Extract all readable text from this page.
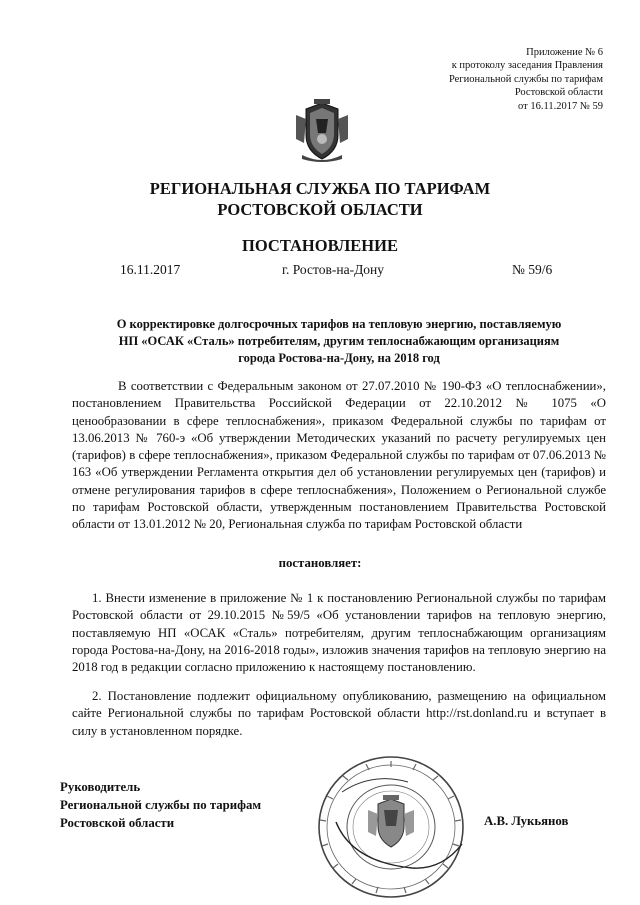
Приложение № 6
к протоколу заседания Правления
Региональной службы по тарифам
Ростовской области
от 16.11.2017 № 59
РЕГИОНАЛЬНАЯ СЛУЖБА ПО ТАРИФАМ
РОСТОВСКОЙ ОБЛАСТИ
ПОСТАНОВЛЕНИЕ
16.11.2017	г. Ростов-на-Дону	№ 59/6
О корректировке долгосрочных тарифов на тепловую энергию, поставляемую
НП «ОСАК «Сталь» потребителям, другим теплоснабжающим организациям
города Ростова-на-Дону, на 2018 год
В соответствии с Федеральным законом от 27.07.2010 № 190-ФЗ «О теплоснабжении», постановлением Правительства Российской Федерации от 22.10.2012 № 1075 «О ценообразовании в сфере теплоснабжения», приказом Федеральной службы по тарифам от 13.06.2013 № 760-э «Об утверждении Методических указаний по расчету регулируемых цен (тарифов) в сфере теплоснабжения», приказом Федеральной службы по тарифам от 07.06.2013 № 163 «Об утверждении Регламента открытия дел об установлении регулируемых цен (тарифов) и отмене регулирования тарифов в сфере теплоснабжения», Положением о Региональной службе по тарифам Ростовской области, утвержденным постановлением Правительства Ростовской области от 13.01.2012 № 20, Региональная служба по тарифам Ростовской области
постановляет:
1. Внести изменение в приложение № 1 к постановлению Региональной службы по тарифам Ростовской области от 29.10.2015 №59/5 «Об установлении тарифов на тепловую энергию, поставляемую НП «ОСАК «Сталь» потребителям, другим теплоснабжающим организациям города Ростова-на-Дону, на 2016-2018 годы», изложив значения тарифов на тепловую энергию на 2018 год в редакции согласно приложению к настоящему постановлению.
2. Постановление подлежит официальному опубликованию, размещению на официальном сайте Региональной службы по тарифам Ростовской области http://rst.donland.ru и вступает в силу в установленном порядке.
Руководитель
Региональной службы по тарифам
Ростовской области	А.В. Лукьянов
